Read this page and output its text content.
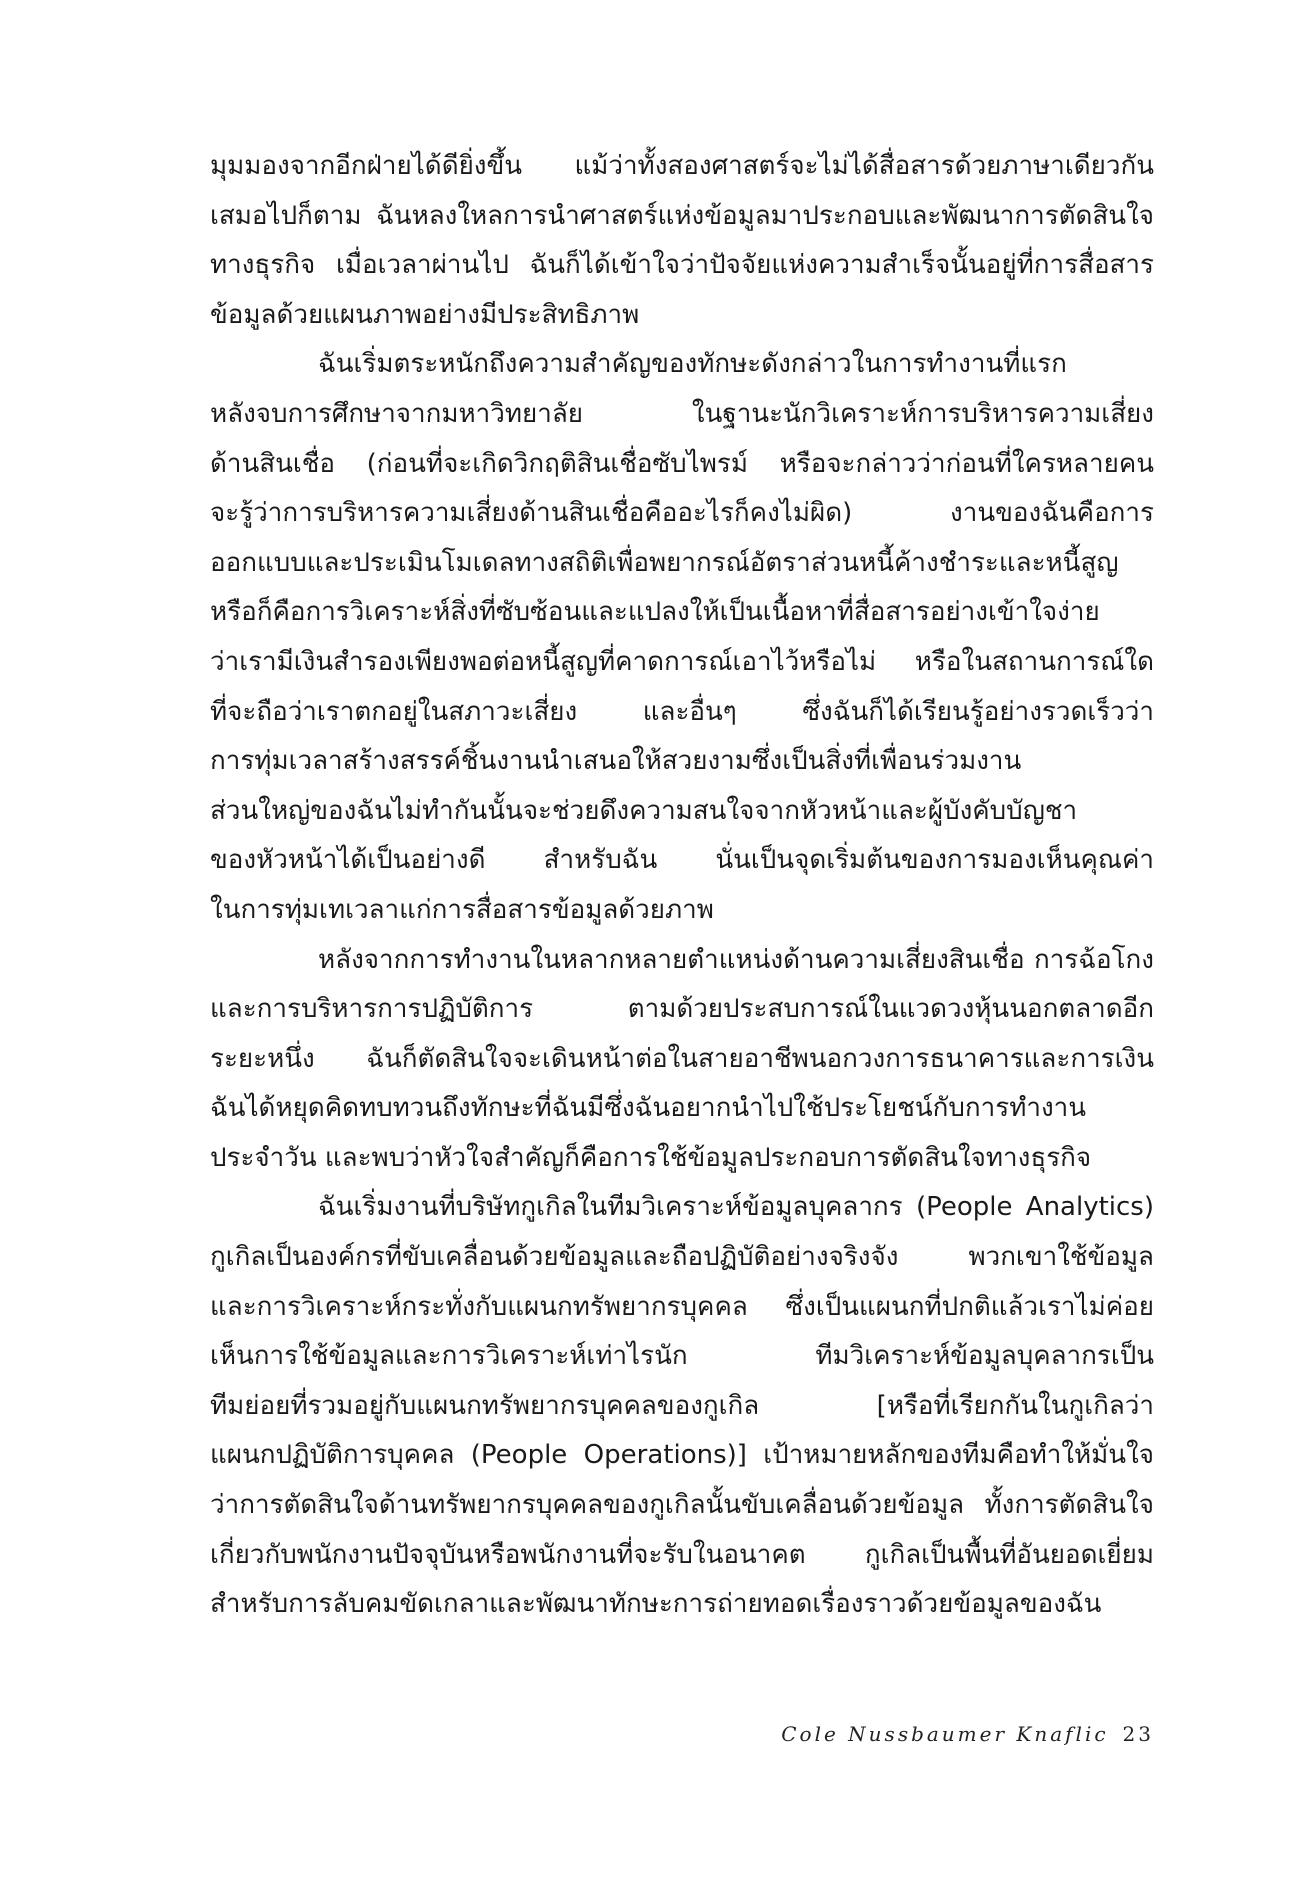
มุมมองจากอีกฝ่ายได้ดียิ่งขึ้น แม้ว่าทั้งสองศาสตร์จะไม่ได้สื่อสารด้วยภาษาเดียวกัน
เสมอไปก็ตาม ฉันหลงใหลการนำศาสตร์แห่งข้อมูลมาประกอบและพัฒนาการตัดสินใจ
ทางธุรกิจ เมื่อเวลาผ่านไป ฉันก็ได้เข้าใจว่าปัจจัยแห่งความสำเร็จนั้นอยู่ที่การสื่อสาร
ข้อมูลด้วยแผนภาพอย่างมีประสิทธิภาพ
ฉันเริ่มตระหนักถึงความสำคัญของทักษะดังกล่าวในการทำงานที่แรก
หลังจบการศึกษาจากมหาวิทยาลัย ในฐานะนักวิเคราะห์การบริหารความเสี่ยง
ด้านสินเชื่อ (ก่อนที่จะเกิดวิกฤติสินเชื่อซับไพรม์ หรือจะกล่าวว่าก่อนที่ใครหลายคน
จะรู้ว่าการบริหารความเสี่ยงด้านสินเชื่อคืออะไรก็คงไม่ผิด) งานของฉันคือการ
ออกแบบและประเมินโมเดลทางสถิติเพื่อพยากรณ์อัตราส่วนหนี้ค้างชำระและหนี้สูญ
หรือก็คือการวิเคราะห์สิ่งที่ซับซ้อนและแปลงให้เป็นเนื้อหาที่สื่อสารอย่างเข้าใจง่าย
ว่าเรามีเงินสำรองเพียงพอต่อหนี้สูญที่คาดการณ์เอาไว้หรือไม่ หรือในสถานการณ์ใด
ที่จะถือว่าเราตกอยู่ในสภาวะเสี่ยง และอื่นๆ ซึ่งฉันก็ได้เรียนรู้อย่างรวดเร็วว่า
การทุ่มเวลาสร้างสรรค์ชิ้นงานนำเสนอให้สวยงามซึ่งเป็นสิ่งที่เพื่อนร่วมงาน
ส่วนใหญ่ของฉันไม่ทำกันนั้นจะช่วยดึงความสนใจจากหัวหน้าและผู้บังคับบัญชา
ของหัวหน้าได้เป็นอย่างดี สำหรับฉัน นั่นเป็นจุดเริ่มต้นของการมองเห็นคุณค่า
ในการทุ่มเทเวลาแก่การสื่อสารข้อมูลด้วยภาพ
หลังจากการทำงานในหลากหลายตำแหน่งด้านความเสี่ยงสินเชื่อ การฉ้อโกง
และการบริหารการปฏิบัติการ ตามด้วยประสบการณ์ในแวดวงหุ้นนอกตลาดอีก
ระยะหนึ่ง ฉันก็ตัดสินใจจะเดินหน้าต่อในสายอาชีพนอกวงการธนาคารและการเงิน
ฉันได้หยุดคิดทบทวนถึงทักษะที่ฉันมีซึ่งฉันอยากนำไปใช้ประโยชน์กับการทำงาน
ประจำวัน และพบว่าหัวใจสำคัญก็คือการใช้ข้อมูลประกอบการตัดสินใจทางธุรกิจ
ฉันเริ่มงานที่บริษัทกูเกิลในทีมวิเคราะห์ข้อมูลบุคลากร (People Analytics)
กูเกิลเป็นองค์กรที่ขับเคลื่อนด้วยข้อมูลและถือปฏิบัติอย่างจริงจัง พวกเขาใช้ข้อมูล
และการวิเคราะห์กระทั่งกับแผนกทรัพยากรบุคคล ซึ่งเป็นแผนกที่ปกติแล้วเราไม่ค่อย
เห็นการใช้ข้อมูลและการวิเคราะห์เท่าไรนัก ทีมวิเคราะห์ข้อมูลบุคลากรเป็น
ทีมย่อยที่รวมอยู่กับแผนกทรัพยากรบุคคลของกูเกิล [หรือที่เรียกกันในกูเกิลว่า
แผนกปฏิบัติการบุคคล (People Operations)] เป้าหมายหลักของทีมคือทำให้มั่นใจ
ว่าการตัดสินใจด้านทรัพยากรบุคคลของกูเกิลนั้นขับเคลื่อนด้วยข้อมูล ทั้งการตัดสินใจ
เกี่ยวกับพนักงานปัจจุบันหรือพนักงานที่จะรับในอนาคต กูเกิลเป็นพื้นที่อันยอดเยี่ยม
สำหรับการลับคมขัดเกลาและพัฒนาทักษะการถ่ายทอดเรื่องราวด้วยข้อมูลของฉัน
Cole Nussbaumer Knaflic 23
